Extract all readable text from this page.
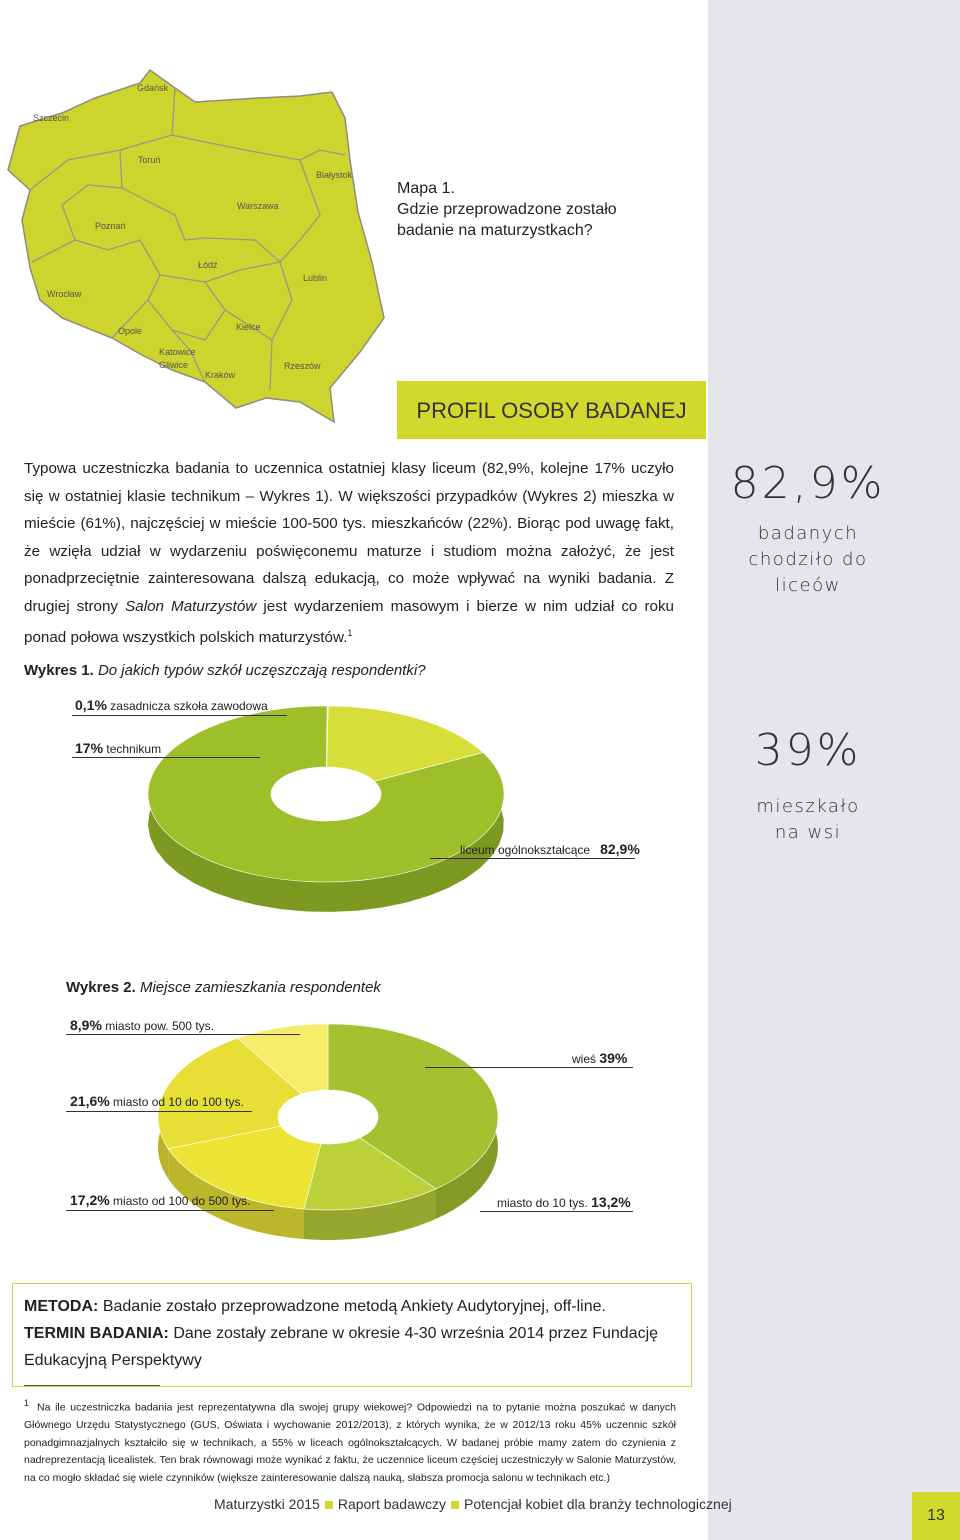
Gdańsk
Szczecin
Toruń
Białystok
Warszawa
Poznań
Łódź
Lublin
Wrocław
Kielce
Opole
Katowice
Gliwice
Kraków
Rzeszów
Mapa 1.
Gdzie przeprowadzone zostało
badanie na maturzystkach?
PROFIL OSOBY BADANEJ
Typowa uczestniczka badania to uczennica ostatniej klasy liceum (82,9%, kolejne 17% uczyło się w ostatniej klasie technikum – Wykres 1). W większości przypadków (Wykres 2) mieszka w mieście (61%), najczęściej w mieście 100-500 tys. mieszkańców (22%). Biorąc pod uwagę fakt, że wzięła udział w wydarzeniu poświęconemu maturze i studiom można założyć, że jest ponadprzeciętnie zainteresowana dalszą edukacją, co może wpływać na wyniki badania. Z drugiej strony Salon Maturzystów jest wydarzeniem masowym i bierze w nim udział co roku ponad połowa wszystkich polskich maturzystów.$^1$
82,9%
badanych
chodziło do
liceów
39%
mieszkało
na wsi
Wykres 1. Do jakich typów szkół uczęszczają respondentki?
0,1% zasadnicza szkoła zawodowa
17% technikum
liceum ogólnokształcące 82,9%
Wykres 2. Miejsce zamieszkania respondentek
8,9% miasto pow. 500 tys.
wieś 39%
21,6% miasto od 10 do 100 tys.
17,2% miasto od 100 do 500 tys.	miasto do 10 tys. 13,2%
METODA: Badanie zostało przeprowadzone metodą Ankiety Audytoryjnej, off-line.
TERMIN BADANIA: Dane zostały zebrane w okresie 4-30 września 2014 przez Fundację Edukacyjną Perspektywy
$^1$ Na ile uczestniczka badania jest reprezentatywna dla swojej grupy wiekowej? Odpowiedzi na to pytanie można poszukać w danych Głównego Urzędu Statystycznego (GUS, Oświata i wychowanie 2012/2013), z których wynika, że w 2012/13 roku 45% uczennic szkół ponadgimnazjalnych kształciło się w technikach, a 55% w liceach ogólnokształcących. W badanej próbie mamy zatem do czynienia z nadreprezentacją licealistek. Ten brak równowagi może wynikać z faktu, że uczennice liceum częściej uczestniczyły w Salonie Maturzystów, na co mogło składać się wiele czynników (większe zainteresowanie dalszą nauką, słabsza promocja salonu w technikach etc.)
Maturzystki 2015 Raport badawczy Potencjał kobiet dla branży technologicznej
13
